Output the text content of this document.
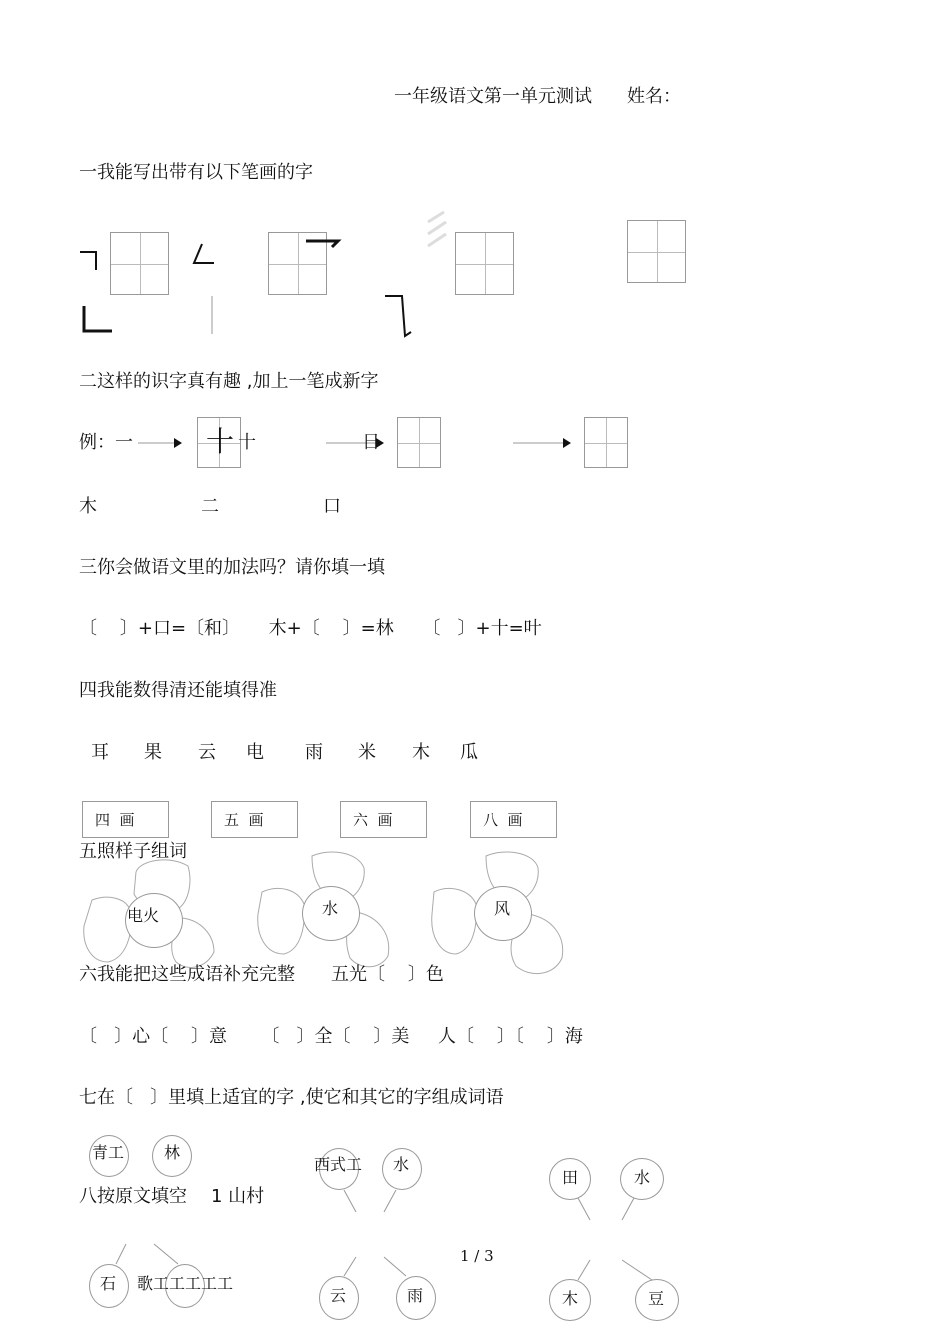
一年级语文第一单元测试 姓名：
一我能写出带有以下笔画的字
二这样的识字真有趣 ,加上一笔成新字
例：一	十 十	日
木	二	口
三你会做语文里的加法吗？请你填一填
〔    〕+口=〔和〕     木+〔    〕=林     〔   〕+十=叶
四我能数得清还能填得准
耳 果 云 电 雨 米 木 瓜
四  画	五  画	六  画	八  画
五照样子组词
电火	水	风
六我能把这些成语补充完整 五光〔    〕色
〔   〕心〔    〕意      〔   〕全〔    〕美     人〔    〕〔    〕海
七在〔   〕里填上适宜的字 ,使它和其它的字组成词语
青工 林
西式工 水
田	水
八按原文填空 1 山村
1 / 3
石 歌工工工工工
云	雨	木	豆
